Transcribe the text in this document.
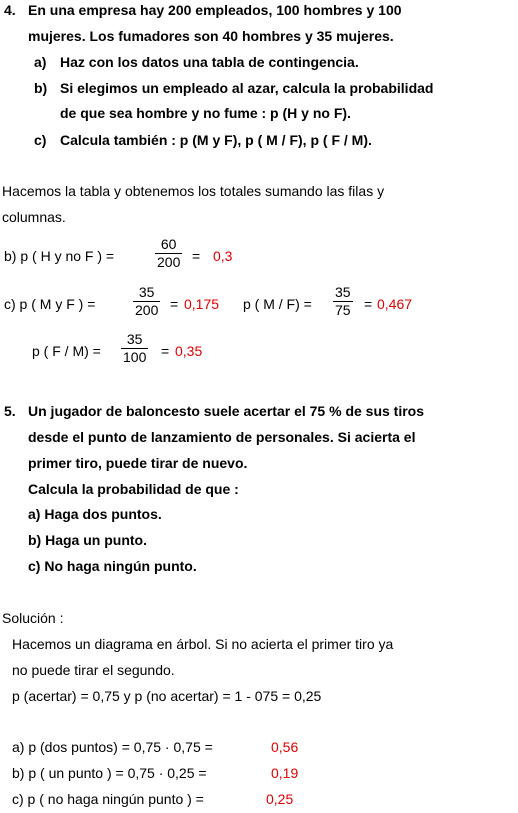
4. En una empresa hay 200 empleados, 100 hombres y 100
mujeres. Los fumadores son 40 hombres y 35 mujeres.
a) Haz con los datos una tabla de contingencia.
b) Si elegimos un empleado al azar, calcula la probabilidad
de que sea hombre y no fume : p (H y no F).
c) Calcula también : p (M y F), p ( M / F), p ( F / M).
Hacemos la tabla y obtenemos los totales sumando las filas y
columnas.
b) p ( H y no F ) =	$\frac{60}{200} = 0,3$
c) p ( M y F ) =	$\frac{35}{200} = 0,175$ p ( $M / F) = \frac{35}{75} = 0,467$
p ( $F / M) = \frac{35}{100} = 0,35$
5. Un jugador de baloncesto suele acertar el 75 % de sus tiros
desde el punto de lanzamiento de personales. Si acierta el
primer tiro, puede tirar de nuevo.
Calcula la probabilidad de que :
a) Haga dos puntos.
b) Haga un punto.
c) No haga ningún punto.
Solución :
Hacemos un diagrama en árbol. Si no acierta el primer tiro ya
no puede tirar el segundo.
p (acertar) = 0,75 y p (no acertar) = 1 - 075 = 0,25
a) p (dos puntos) = 0,75 · 0,75 =	0,56
b) p ( un punto ) = 0,75 · 0,25 =	0,19
c) p ( no haga ningún punto ) =	0,25
